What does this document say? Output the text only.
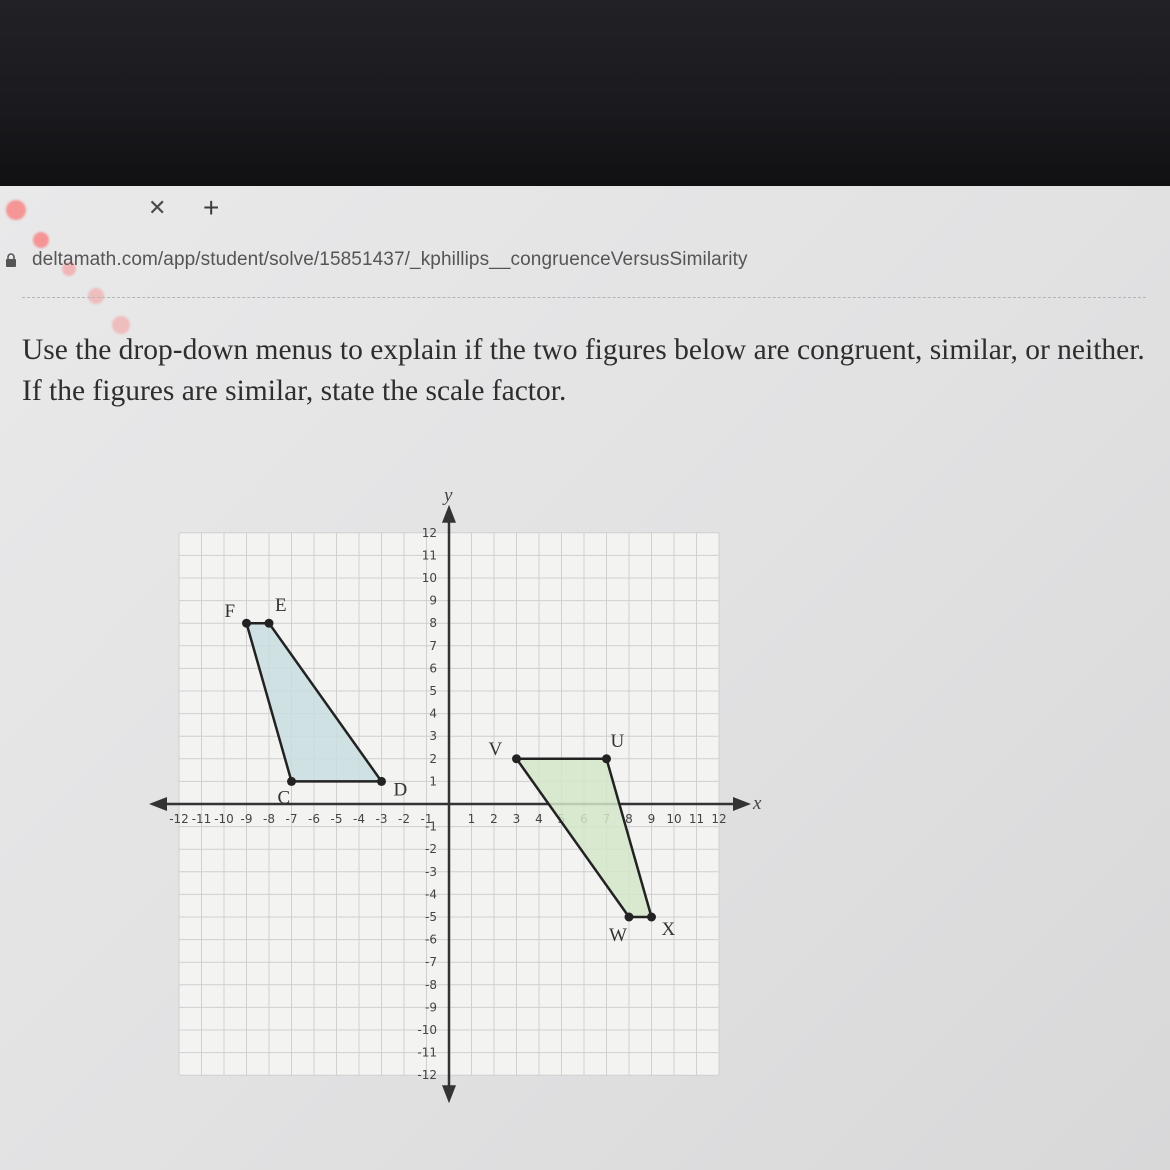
✕ +
deltamath.com/app/student/solve/15851437/_kphillips__congruenceVersusSimilarity
Use the drop-down menus to explain if the two figures below are congruent, similar, or neither. If the figures are similar, state the scale factor.
x
y
-12 -11 -10 -9 -8 -7 -6 -5 -4 -3 -2 -1	1 2 3 4	8 9 10 11 12
12
11
10
9
8
7
6
5
4
3
2
1
-1
-2
-3
-4
-5
-6
-7
-8
-9
-10
-11
-12
C	D
E
F
U
V
W X
